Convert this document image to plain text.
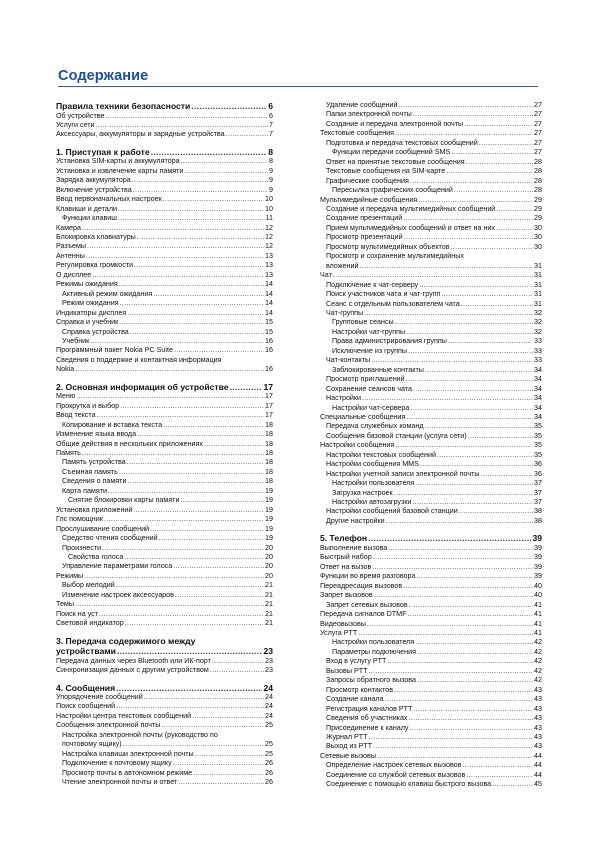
Содержание
Правила техники безопасности .....	6
Об устройстве .....	6
Услуги сети .....	7
Аксессуары, аккумуляторы и зарядные устройства .....	7
1. Приступая к работе .....	8
Установка SIM-карты и аккумулятора .....	8
Установка и извлечение карты памяти .....	9
Зарядка аккумулятора .....	9
Включение устройства .....	9
Ввод первоначальных настроек .....	10
Клавиши и детали .....	10
Функции клавиш .....	11
Камера .....	12
Блокировка клавиатуры .....	12
Разъемы .....	12
Антенны .....	13
Регулировка громкости .....	13
О дисплее .....	13
Режимы ожидания .....	14
Активный режим ожидания .....	14
Режим ожидания .....	14
Индикаторы дисплея .....	14
Справка и учебник .....	15
Справка устройства .....	15
Учебник .....	16
Программный пакет Nokia PC Suite .....	16
Сведения о поддержке и контактная информация
Nokia .....	16
2. Основная информация об устройстве .....	17
Меню .....	17
Прокрутка и выбор .....	17
Ввод текста .....	17
Копирование и вставка текста .....	18
Изменение языка ввода .....	18
Общие действия в нескольких приложениях .....	18
Память .....	18
Память устройства .....	18
Съемная память .....	18
Сведения о памяти .....	18
Карта памяти .....	19
Снятие блокировки карты памяти .....	19
Установка приложений .....	19
Глс помощник .....	19
Прослушивание сообщений .....	19
Средство чтения сообщений .....	19
Произнести .....	20
Свойства голоса .....	20
Управление параметрами голоса .....	20
Режимы .....	20
Выбор мелодий .....	21
Изменение настроек аксессуаров .....	21
Темы .....	21
Поиск на уст .....	21
Световой индикатор .....	21
3. Передача содержимого между
устройствами .....	23
Передача данных через Bluetooth или ИК-порт .....	23
Синхронизация данных с другим устройством .....	23
4. Сообщения .....	24
Упорядочение сообщений .....	24
Поиск сообщений .....	24
Настройки центра текстовых сообщений .....	24
Сообщения электронной почты .....	25
Настройка электронной почты (руководство по
почтовому ящику) .....	25
Настройка клавиши электронной почты .....	25
Подключение к почтовому ящику .....	26
Просмотр почты в автономном режиме .....	26
Чтение электронной почты и ответ .....	26
Удаление сообщений .....	27
Папки электронной почты .....	27
Создание и передача электронной почты .....	27
Текстовые сообщения .....	27
Подготовка и передача текстовых сообщений .....	27
Функции передачи сообщений SMS .....	27
Ответ на принятые текстовые сообщения .....	28
Текстовые сообщения на SIM-карте .....	28
Графические сообщения .....	28
Пересылка графических сообщений .....	28
Мультимедийные сообщения .....	29
Создание и передача мультимедийных сообщений .....	29
Создание презентаций .....	29
Прием мультимедийных сообщений и ответ на них .....	30
Просмотр презентаций .....	30
Просмотр мультимедийных объектов .....	30
Просмотр и сохранение мультимедийных
вложений .....	31
Чат .....	31
Подключение к чат-серверу .....	31
Поиск участников чата и чат-групп .....	31
Сеанс с отдельным пользователем чата .....	31
Чат-группы .....	32
Групповые сеансы .....	32
Настройки чат-группы .....	32
Права администрирования группы .....	33
Исключение из группы .....	33
Чат-контакты .....	33
Заблокированные контакты .....	34
Просмотр приглашений .....	34
Сохранение сеансов чата .....	34
Настройки .....	34
Настройки чат-сервера .....	34
Специальные сообщения .....	34
Передача служебных команд .....	35
Сообщения базовой станции (услуга сети) .....	35
Настройки сообщения .....	35
Настройки текстовых сообщений .....	35
Настройки сообщения MMS .....	36
Настройки учетной записи электронной почты .....	36
Настройки пользователя .....	37
Загрузка настроек .....	37
Настройки автозагрузки .....	37
Настройки сообщений базовой станции .....	38
Другие настройки .....	38
5. Телефон .....	39
Выполнение вызова .....	39
Быстрый набор .....	39
Ответ на вызов .....	39
Функции во время разговора .....	39
Переадресация вызовов .....	40
Запрет вызовов .....	40
Запрет сетевых вызовов .....	41
Передача сигналов DTMF .....	41
Видеовызовы .....	41
Услуга PTT .....	41
Настройки пользователя .....	42
Параметры подключения .....	42
Вход в услугу PTT .....	42
Вызовы PTT .....	42
Запросы обратного вызова .....	42
Просмотр контактов .....	43
Создание канала .....	43
Регистрация каналов PTT .....	43
Сведения об участниках .....	43
Присоединение к каналу .....	43
Журнал PTT .....	43
Выход из PTT .....	43
Сетевые вызовы .....	44
Определение настроек сетевых вызовов .....	44
Соединение со службой сетевых вызовов .....	44
Соединение с помощью клавиш быстрого вызова .....	45
